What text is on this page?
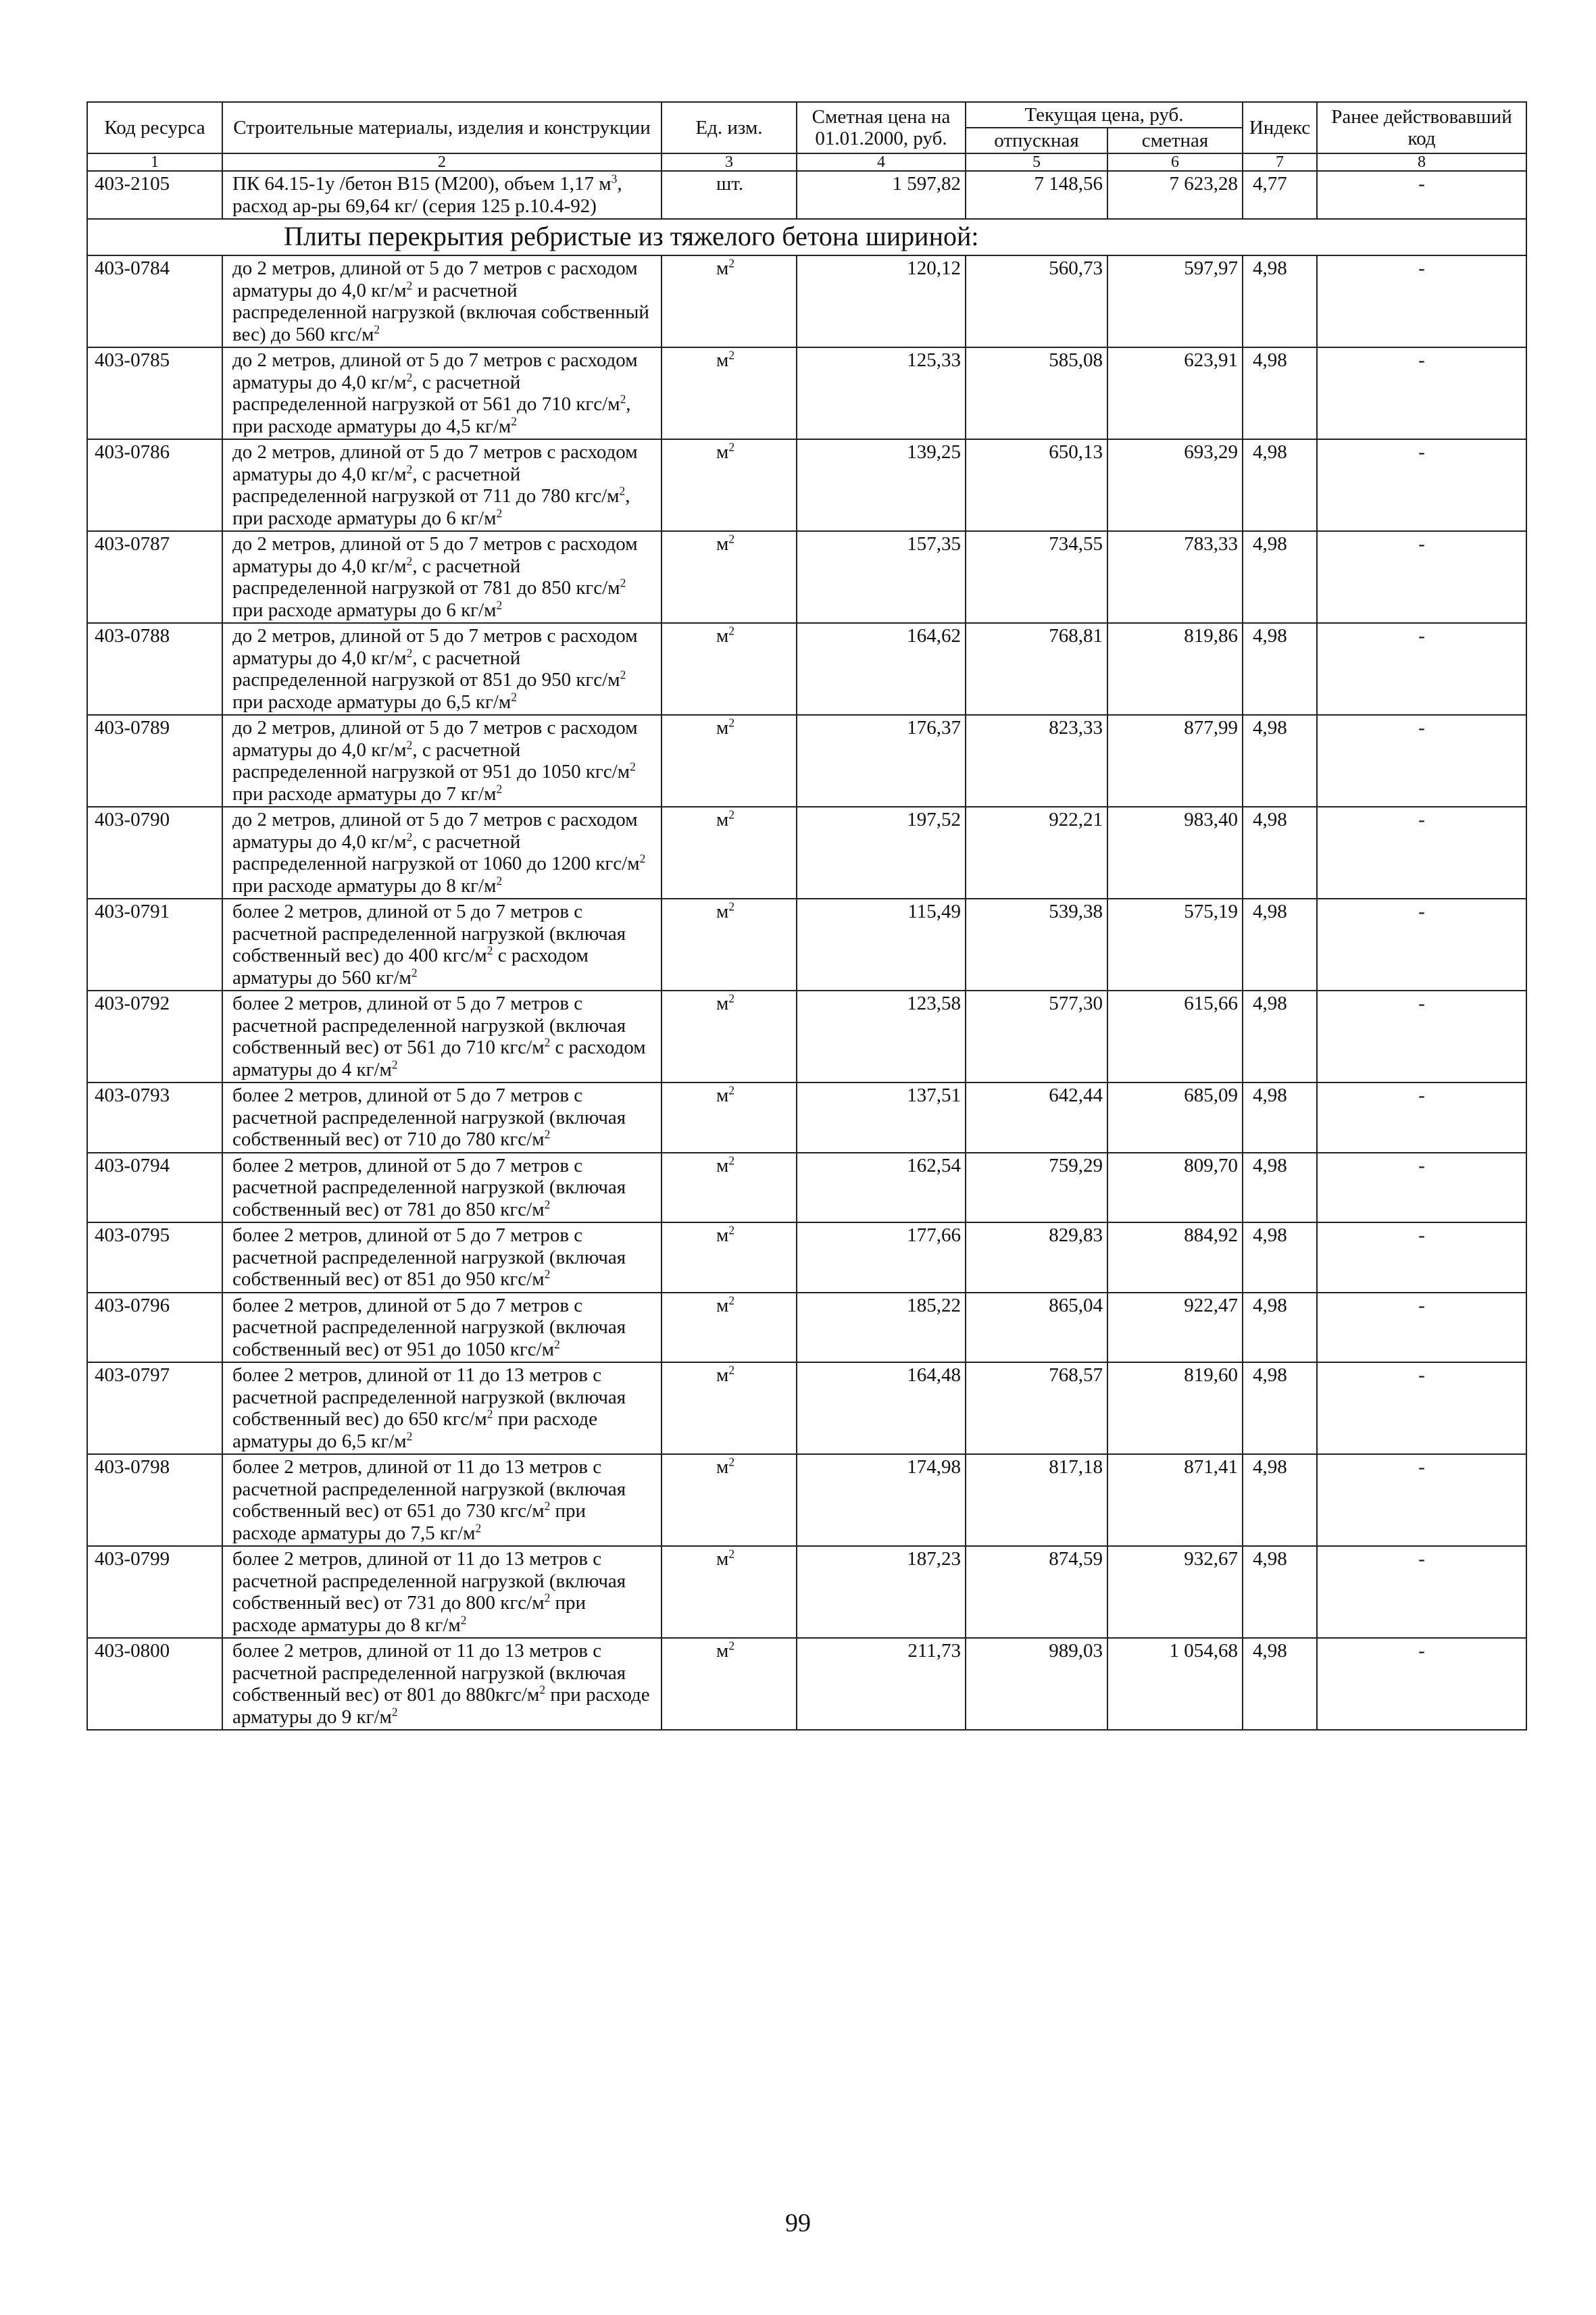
Код ресурса	Строительные материалы, изделия и конструкции	Ед. изм.	Сметная цена на 01.01.2000, руб.	Текущая цена, руб.		Индекс	Ранее действовавший код
				отпускная	сметная		
1	2	3	4	5	6	7	8
403-2105	ПК 64.15-1у /бетон В15 (М200), объем 1,17 $м^3$, расход ар-ры 69,64 кг/ (серия 125 р.10.4-92)	шт.	1 597,82	7 148,56	7 623,28	4,77	-
Плиты перекрытия ребристые из тяжелого бетона шириной:							
403-0784	до 2 метров, длиной от 5 до 7 метров с расходом арматуры до 4,0 $кг/м^2$ и расчетной распределенной нагрузкой (включая собственный вес) до 560 кгс/$м^2$	$м^2$	120,12	560,73	597,97	4,98	-
403-0785	до 2 метров, длиной от 5 до 7 метров с расходом арматуры до 4,0 $кг/м^2$, с расчетной распределенной нагрузкой от 561 до 710 кгс/$м^2$, при расходе арматуры до 4,5 $кг/м^2$	$м^2$	125,33	585,08	623,91	4,98	-
403-0786	до 2 метров, длиной от 5 до 7 метров с расходом арматуры до 4,0 $кг/м^2$, с расчетной распределенной нагрузкой от 711 до 780 кгс/$м^2$, при расходе арматуры до 6 $кг/м^2$	$м^2$	139,25	650,13	693,29	4,98	-
403-0787	до 2 метров, длиной от 5 до 7 метров с расходом арматуры до 4,0 $кг/м^2$, с расчетной распределенной нагрузкой от 781 до 850 кгс/$м^2$ при расходе арматуры до 6 $кг/м^2$	$м^2$	157,35	734,55	783,33	4,98	-
403-0788	до 2 метров, длиной от 5 до 7 метров с расходом арматуры до 4,0 $кг/м^2$, с расчетной распределенной нагрузкой от 851 до 950 кгс/$м^2$ при расходе арматуры до 6,5 $кг/м^2$	$м^2$	164,62	768,81	819,86	4,98	-
403-0789	до 2 метров, длиной от 5 до 7 метров с расходом арматуры до 4,0 $кг/м^2$, с расчетной распределенной нагрузкой от 951 до 1050 кгс/$м^2$ при расходе арматуры до 7 $кг/м^2$	$м^2$	176,37	823,33	877,99	4,98	-
403-0790	до 2 метров, длиной от 5 до 7 метров с расходом арматуры до 4,0 $кг/м^2$, с расчетной распределенной нагрузкой от 1060 до 1200 кгс/$м^2$ при расходе арматуры до 8 $кг/м^2$	$м^2$	197,52	922,21	983,40	4,98	-
403-0791	более 2 метров, длиной от 5 до 7 метров с расчетной распределенной нагрузкой (включая собственный вес) до 400 кгс/$м^2$ с расходом арматуры до 560 $кг/м^2$	$м^2$	115,49	539,38	575,19	4,98	-
403-0792	более 2 метров, длиной от 5 до 7 метров с расчетной распределенной нагрузкой (включая собственный вес) от 561 до 710 кгс/$м^2$ с расходом арматуры до 4 $кг/м^2$	$м^2$	123,58	577,30	615,66	4,98	-
403-0793	более 2 метров, длиной от 5 до 7 метров с расчетной распределенной нагрузкой (включая собственный вес) от 710 до 780 кгс/$м^2$	$м^2$	137,51	642,44	685,09	4,98	-
403-0794	более 2 метров, длиной от 5 до 7 метров с расчетной распределенной нагрузкой (включая собственный вес) от 781 до 850 кгс/$м^2$	$м^2$	162,54	759,29	809,70	4,98	-
403-0795	более 2 метров, длиной от 5 до 7 метров с расчетной распределенной нагрузкой (включая собственный вес) от 851 до 950 кгс/$м^2$	$м^2$	177,66	829,83	884,92	4,98	-
403-0796	более 2 метров, длиной от 5 до 7 метров с расчетной распределенной нагрузкой (включая собственный вес) от 951 до 1050 кгс/$м^2$	$м^2$	185,22	865,04	922,47	4,98	-
403-0797	более 2 метров, длиной от 11 до 13 метров с расчетной распределенной нагрузкой (включая собственный вес) до 650 кгс/$м^2$ при расходе арматуры до 6,5 $кг/м^2$	$м^2$	164,48	768,57	819,60	4,98	-
403-0798	более 2 метров, длиной от 11 до 13 метров с расчетной распределенной нагрузкой (включая собственный вес) от 651 до 730 кгс/$м^2$ при расходе арматуры до 7,5 $кг/м^2$	$м^2$	174,98	817,18	871,41	4,98	-
403-0799	более 2 метров, длиной от 11 до 13 метров с расчетной распределенной нагрузкой (включая собственный вес) от 731 до 800 кгс/$м^2$ при расходе арматуры до 8 $кг/м^2$	$м^2$	187,23	874,59	932,67	4,98	-
403-0800	более 2 метров, длиной от 11 до 13 метров с расчетной распределенной нагрузкой (включая собственный вес) от 801 до $880кгс/м^2$ при расходе арматуры до 9 $кг/м^2$	$м^2$	211,73	989,03	1 054,68	4,98	-
99
